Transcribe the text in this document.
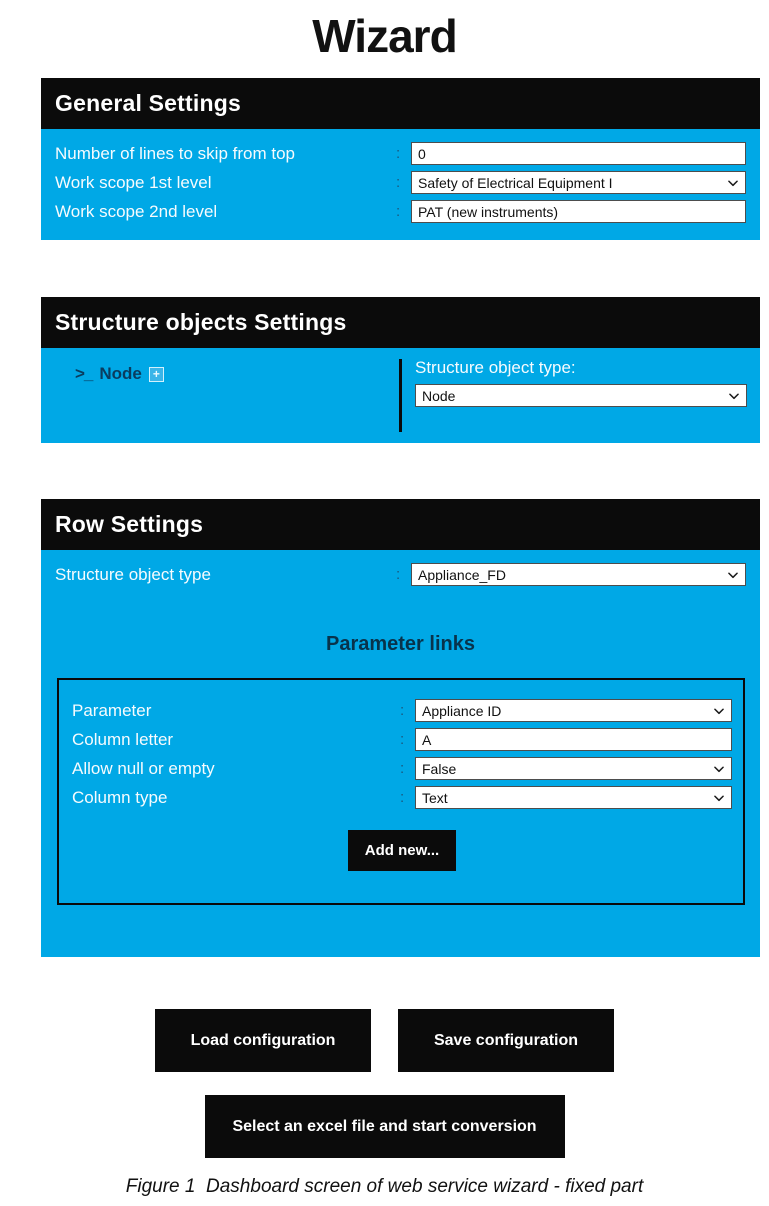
Wizard
General Settings
Number of lines to skip from top	:
0
Work scope 1st level	:
Safety of Electrical Equipment I
Work scope 2nd level	:
PAT (new instruments)
Structure objects Settings
>_ Node +	Structure object type:
Node
Row Settings
Structure object type	:
Appliance_FD
Parameter links
Parameter	:
Appliance ID
Column letter	:
A
Allow null or empty	:
False
Column type	:
Text
Add new...
Load configuration	Save configuration
Select an excel file and start conversion
Figure 1  Dashboard screen of web service wizard - fixed part
